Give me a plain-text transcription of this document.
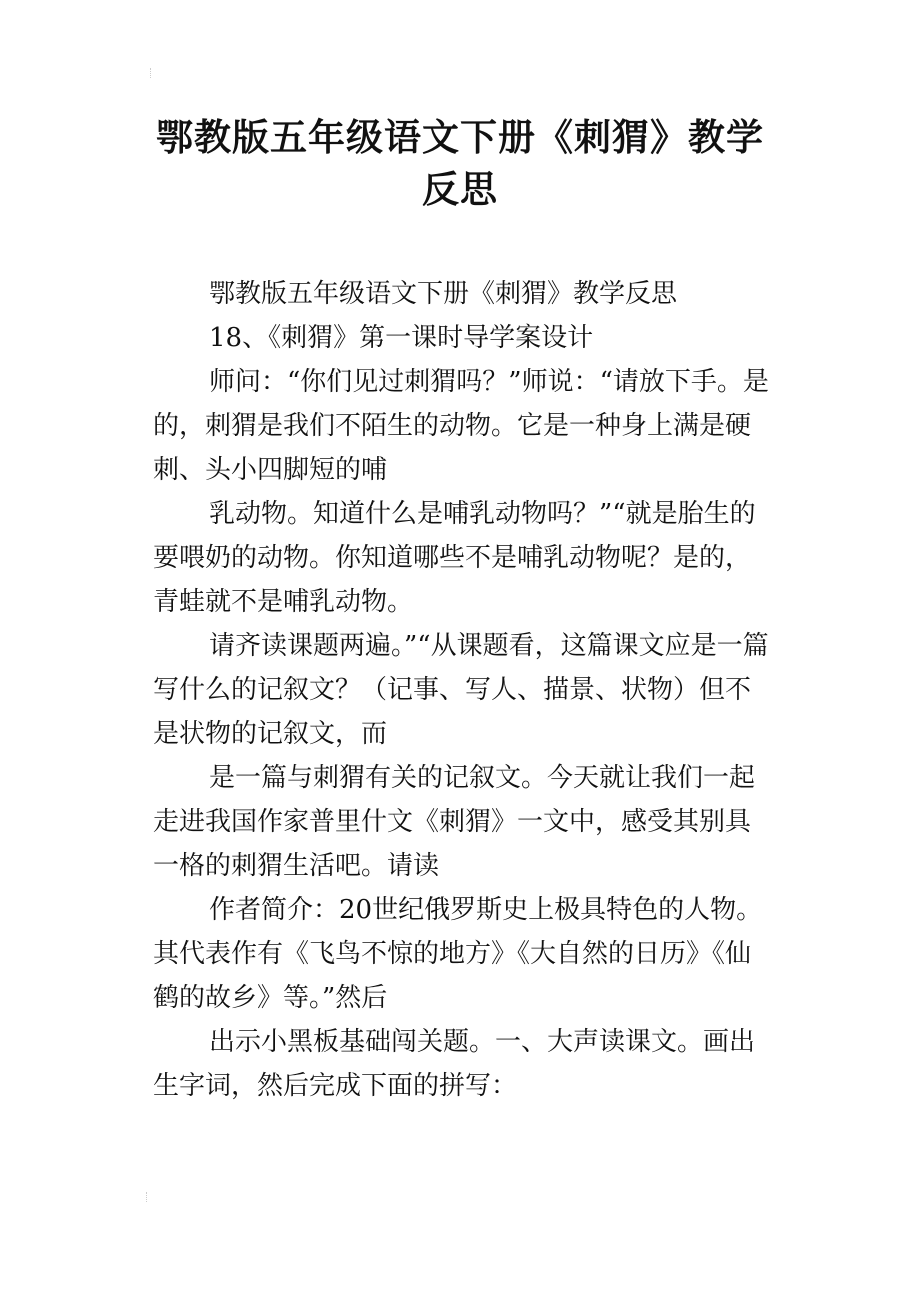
鄂教版五年级语文下册《刺猬》教学
反思

鄂教版五年级语文下册《刺猬》教学反思

18、《刺猬》第一课时导学案设计

师问：“你们见过刺猬吗？”师说：“请放下手。是的，刺猬是我们不陌生的动物。它是一种身上满是硬刺、头小四脚短的哺

乳动物。知道什么是哺乳动物吗？”“就是胎生的要喂奶的动物。你知道哪些不是哺乳动物呢？是的，青蛙就不是哺乳动物。

请齐读课题两遍。”“从课题看，这篇课文应是一篇写什么的记叙文？（记事、写人、描景、状物）但不是状物的记叙文，而

是一篇与刺猬有关的记叙文。今天就让我们一起走进我国作家普里什文《刺猬》一文中，感受其别具一格的刺猬生活吧。请读

作者简介：20世纪俄罗斯史上极具特色的人物。其代表作有《飞鸟不惊的地方》《大自然的日历》《仙鹤的故乡》等。”然后

出示小黑板基础闯关题。一、大声读课文。画出生字词，然后完成下面的拼写：
